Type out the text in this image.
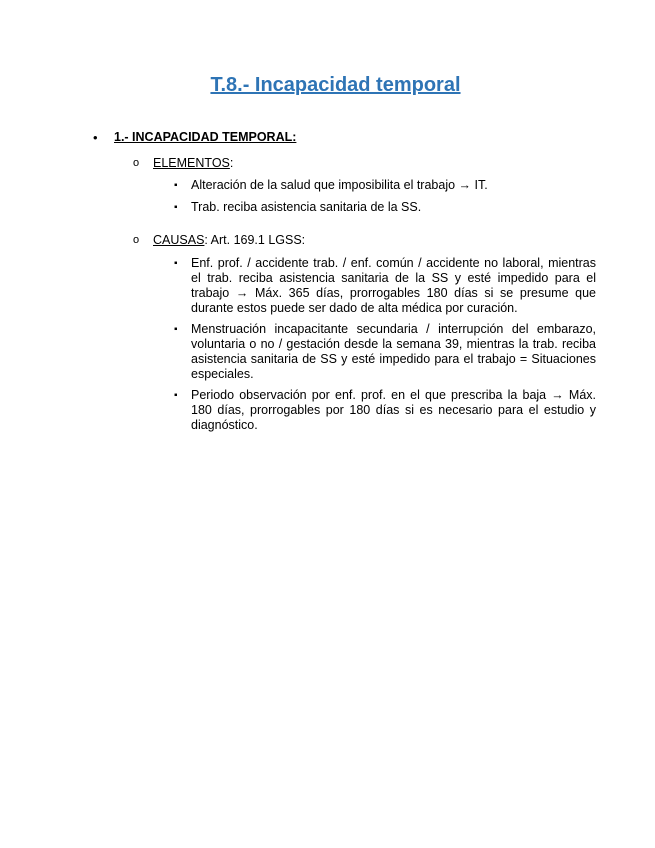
T.8.- Incapacidad temporal
• 1.- INCAPACIDAD TEMPORAL:
o ELEMENTOS:
▪ Alteración de la salud que imposibilita el trabajo → IT.
▪ Trab. reciba asistencia sanitaria de la SS.
o CAUSAS: Art. 169.1 LGSS:
▪ Enf. prof. / accidente trab. / enf. común / accidente no laboral, mientras el trab. reciba asistencia sanitaria de la SS y esté impedido para el trabajo → Máx. 365 días, prorrogables 180 días si se presume que durante estos puede ser dado de alta médica por curación.
▪ Menstruación incapacitante secundaria / interrupción del embarazo, voluntaria o no / gestación desde la semana 39, mientras la trab. reciba asistencia sanitaria de SS y esté impedido para el trabajo = Situaciones especiales.
▪ Periodo observación por enf. prof. en el que prescriba la baja → Máx. 180 días, prorrogables por 180 días si es necesario para el estudio y diagnóstico.
